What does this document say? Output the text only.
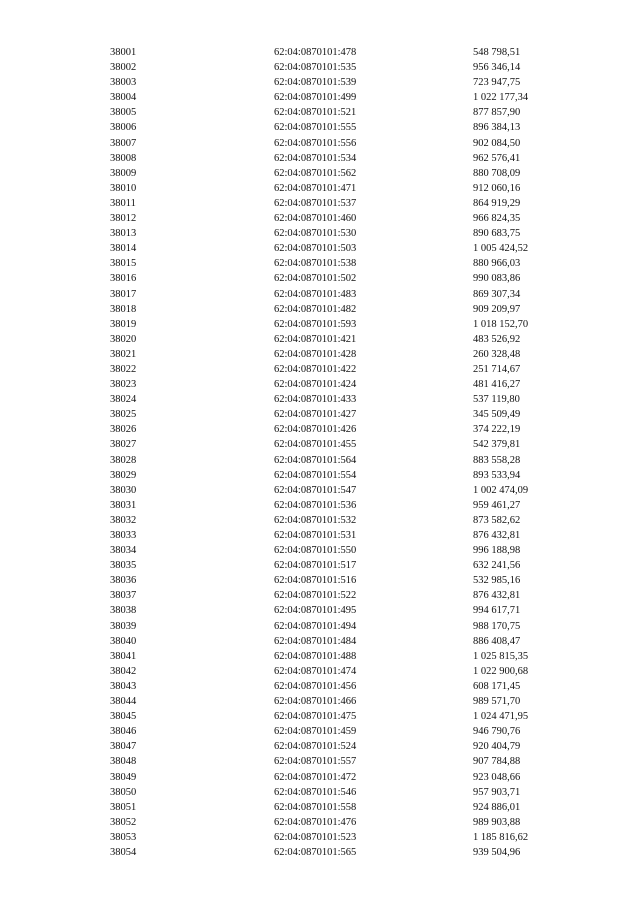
38001	62:04:0870101:478	548 798,51
38002	62:04:0870101:535	956 346,14
38003	62:04:0870101:539	723 947,75
38004	62:04:0870101:499	1 022 177,34
38005	62:04:0870101:521	877 857,90
38006	62:04:0870101:555	896 384,13
38007	62:04:0870101:556	902 084,50
38008	62:04:0870101:534	962 576,41
38009	62:04:0870101:562	880 708,09
38010	62:04:0870101:471	912 060,16
38011	62:04:0870101:537	864 919,29
38012	62:04:0870101:460	966 824,35
38013	62:04:0870101:530	890 683,75
38014	62:04:0870101:503	1 005 424,52
38015	62:04:0870101:538	880 966,03
38016	62:04:0870101:502	990 083,86
38017	62:04:0870101:483	869 307,34
38018	62:04:0870101:482	909 209,97
38019	62:04:0870101:593	1 018 152,70
38020	62:04:0870101:421	483 526,92
38021	62:04:0870101:428	260 328,48
38022	62:04:0870101:422	251 714,67
38023	62:04:0870101:424	481 416,27
38024	62:04:0870101:433	537 119,80
38025	62:04:0870101:427	345 509,49
38026	62:04:0870101:426	374 222,19
38027	62:04:0870101:455	542 379,81
38028	62:04:0870101:564	883 558,28
38029	62:04:0870101:554	893 533,94
38030	62:04:0870101:547	1 002 474,09
38031	62:04:0870101:536	959 461,27
38032	62:04:0870101:532	873 582,62
38033	62:04:0870101:531	876 432,81
38034	62:04:0870101:550	996 188,98
38035	62:04:0870101:517	632 241,56
38036	62:04:0870101:516	532 985,16
38037	62:04:0870101:522	876 432,81
38038	62:04:0870101:495	994 617,71
38039	62:04:0870101:494	988 170,75
38040	62:04:0870101:484	886 408,47
38041	62:04:0870101:488	1 025 815,35
38042	62:04:0870101:474	1 022 900,68
38043	62:04:0870101:456	608 171,45
38044	62:04:0870101:466	989 571,70
38045	62:04:0870101:475	1 024 471,95
38046	62:04:0870101:459	946 790,76
38047	62:04:0870101:524	920 404,79
38048	62:04:0870101:557	907 784,88
38049	62:04:0870101:472	923 048,66
38050	62:04:0870101:546	957 903,71
38051	62:04:0870101:558	924 886,01
38052	62:04:0870101:476	989 903,88
38053	62:04:0870101:523	1 185 816,62
38054	62:04:0870101:565	939 504,96
